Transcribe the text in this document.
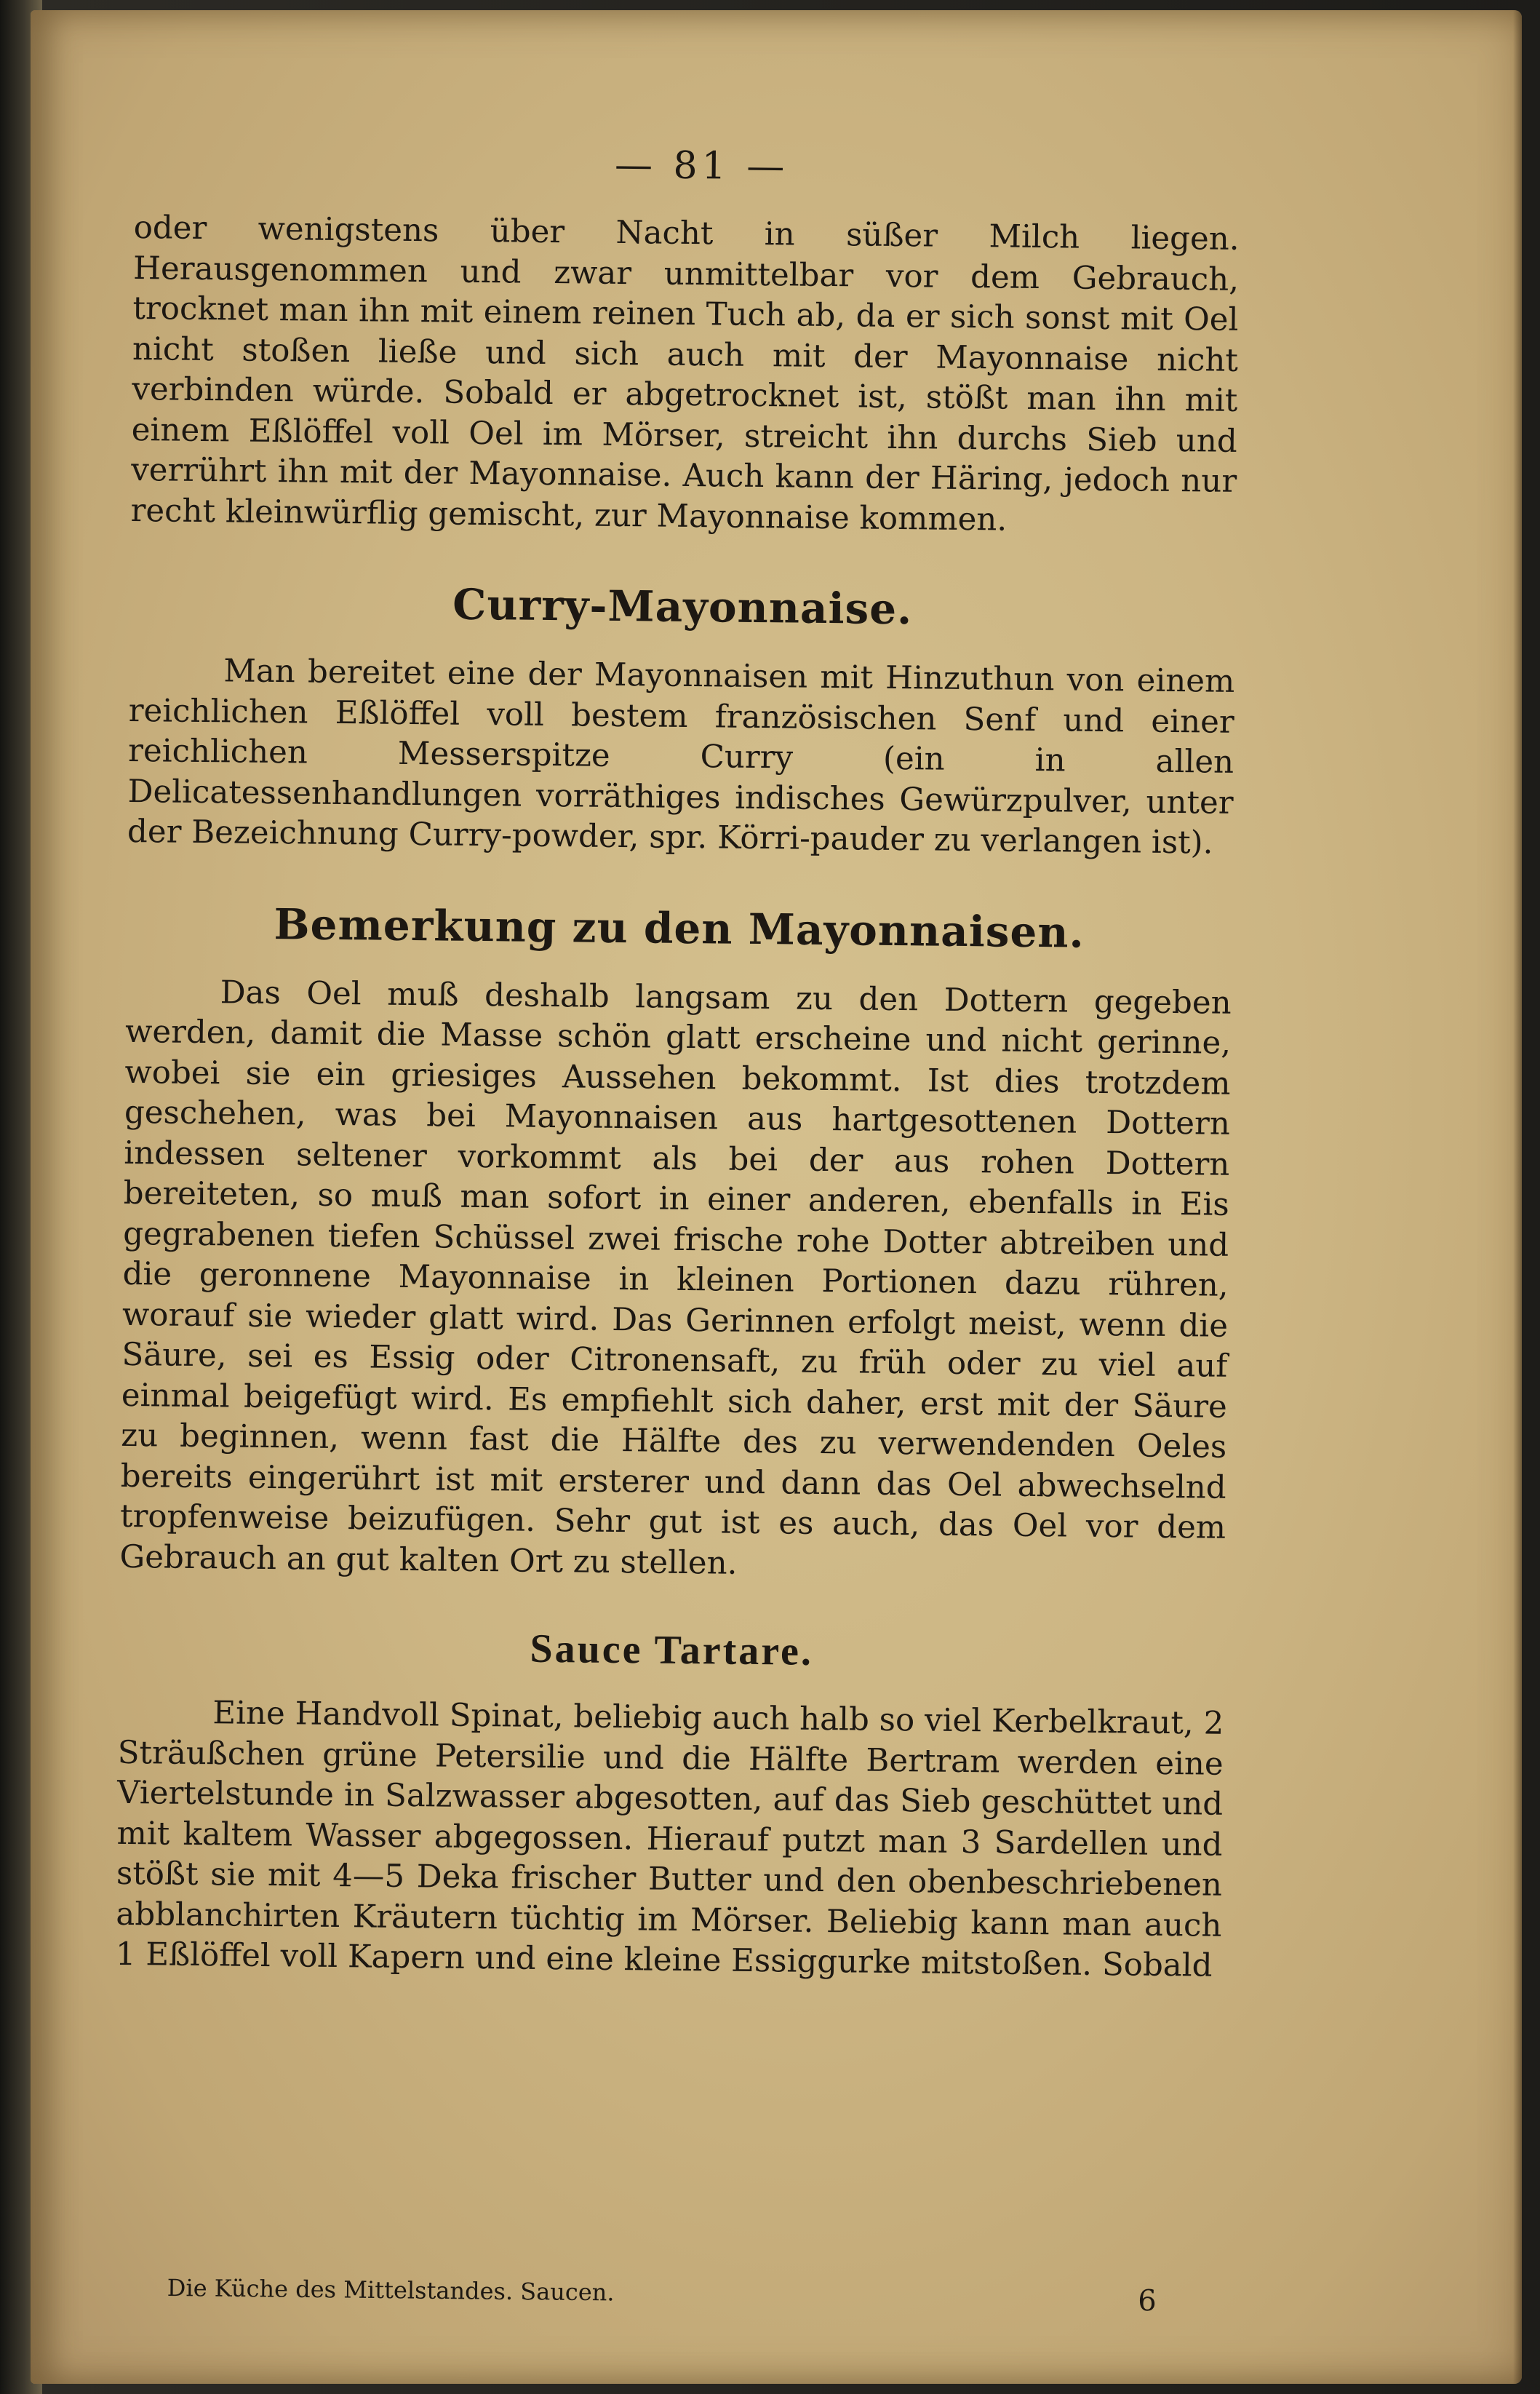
— 81 —

oder wenigstens über Nacht in süßer Milch liegen. Herausgenommen und zwar unmittelbar vor dem Gebrauch, trocknet man ihn mit einem reinen Tuch ab, da er sich sonst mit Oel nicht stoßen ließe und sich auch mit der Mayonnaise nicht verbinden würde. Sobald er abgetrocknet ist, stößt man ihn mit einem Eßlöffel voll Oel im Mörser, streicht ihn durchs Sieb und verrührt ihn mit der Mayonnaise. Auch kann der Häring, jedoch nur recht kleinwürflig gemischt, zur Mayonnaise kommen.

Curry-Mayonnaise.

Man bereitet eine der Mayonnaisen mit Hinzuthun von einem reichlichen Eßlöffel voll bestem französischen Senf und einer reichlichen Messerspitze Curry (ein in allen Delicatessenhandlungen vorräthiges indisches Gewürzpulver, unter der Bezeichnung Curry-powder, spr. Körri-pauder zu verlangen ist).

Bemerkung zu den Mayonnaisen.

Das Oel muß deshalb langsam zu den Dottern gegeben werden, damit die Masse schön glatt erscheine und nicht gerinne, wobei sie ein griesiges Aussehen bekommt. Ist dies trotzdem geschehen, was bei Mayonnaisen aus hartgesottenen Dottern indessen seltener vorkommt als bei der aus rohen Dottern bereiteten, so muß man sofort in einer anderen, ebenfalls in Eis gegrabenen tiefen Schüssel zwei frische rohe Dotter abtreiben und die geronnene Mayonnaise in kleinen Portionen dazu rühren, worauf sie wieder glatt wird. Das Gerinnen erfolgt meist, wenn die Säure, sei es Essig oder Citronensaft, zu früh oder zu viel auf einmal beigefügt wird. Es empfiehlt sich daher, erst mit der Säure zu beginnen, wenn fast die Hälfte des zu verwendenden Oeles bereits eingerührt ist mit ersterer und dann das Oel abwechselnd tropfenweise beizufügen. Sehr gut ist es auch, das Oel vor dem Gebrauch an gut kalten Ort zu stellen.

Sauce Tartare.

Eine Handvoll Spinat, beliebig auch halb so viel Kerbelkraut, 2 Sträußchen grüne Petersilie und die Hälfte Bertram werden eine Viertelstunde in Salzwasser abgesotten, auf das Sieb geschüttet und mit kaltem Wasser abgegossen. Hierauf putzt man 3 Sardellen und stößt sie mit 4—5 Deka frischer Butter und den obenbeschriebenen abblanchirten Kräutern tüchtig im Mörser. Beliebig kann man auch 1 Eßlöffel voll Kapern und eine kleine Essiggurke mitstoßen. Sobald

Die Küche des Mittelstandes. Saucen.	6
